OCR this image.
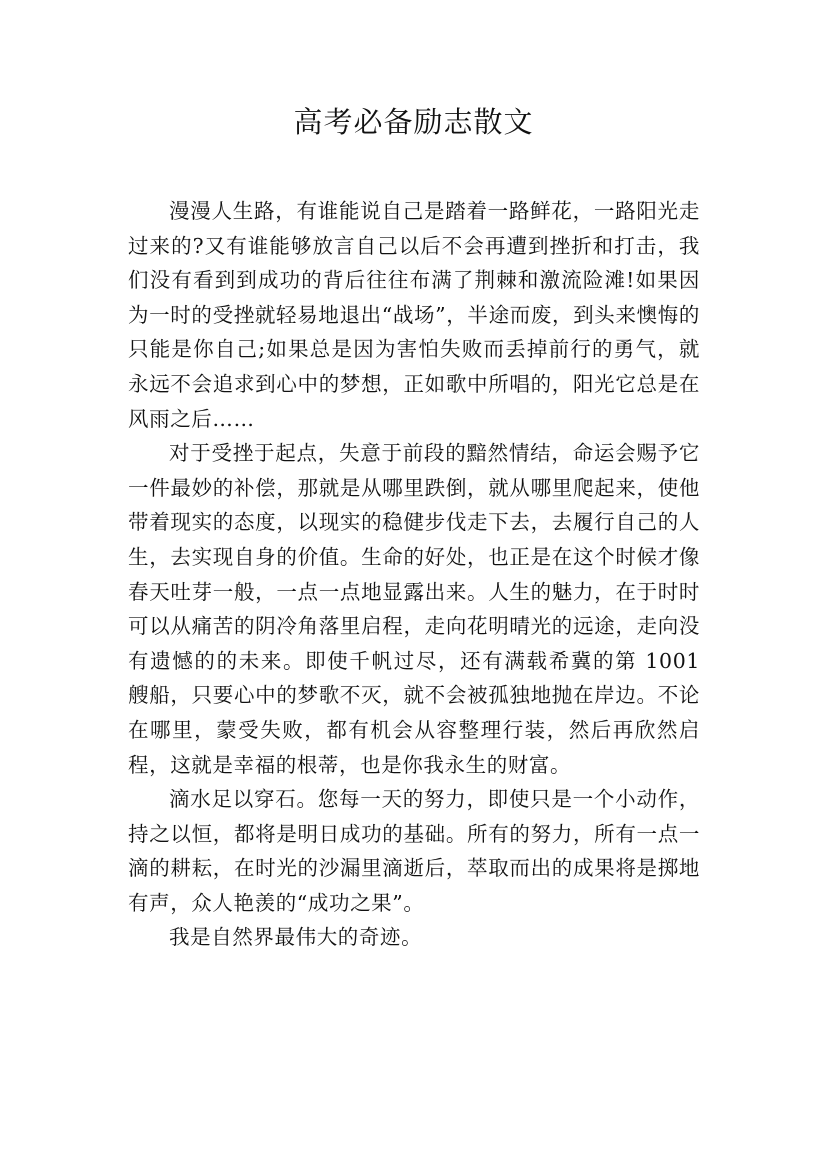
高考必备励志散文

漫漫人生路，有谁能说自己是踏着一路鲜花，一路阳光走过来的?又有谁能够放言自己以后不会再遭到挫折和打击，我们没有看到到成功的背后往往布满了荆棘和激流险滩!如果因为一时的受挫就轻易地退出“战场”，半途而废，到头来懊悔的只能是你自己;如果总是因为害怕失败而丢掉前行的勇气，就永远不会追求到心中的梦想，正如歌中所唱的，阳光它总是在风雨之后……

对于受挫于起点，失意于前段的黯然情结，命运会赐予它一件最妙的补偿，那就是从哪里跌倒，就从哪里爬起来，使他带着现实的态度，以现实的稳健步伐走下去，去履行自己的人生，去实现自身的价值。生命的好处，也正是在这个时候才像春天吐芽一般，一点一点地显露出来。人生的魅力，在于时时可以从痛苦的阴冷角落里启程，走向花明晴光的远途，走向没有遗憾的的未来。即使千帆过尽，还有满载希冀的第 1001 艘船，只要心中的梦歌不灭，就不会被孤独地抛在岸边。不论在哪里，蒙受失败，都有机会从容整理行装，然后再欣然启程，这就是幸福的根蒂，也是你我永生的财富。

滴水足以穿石。您每一天的努力，即使只是一个小动作，持之以恒，都将是明日成功的基础。所有的努力，所有一点一滴的耕耘，在时光的沙漏里滴逝后，萃取而出的成果将是掷地有声，众人艳羡的“成功之果”。

我是自然界最伟大的奇迹。
